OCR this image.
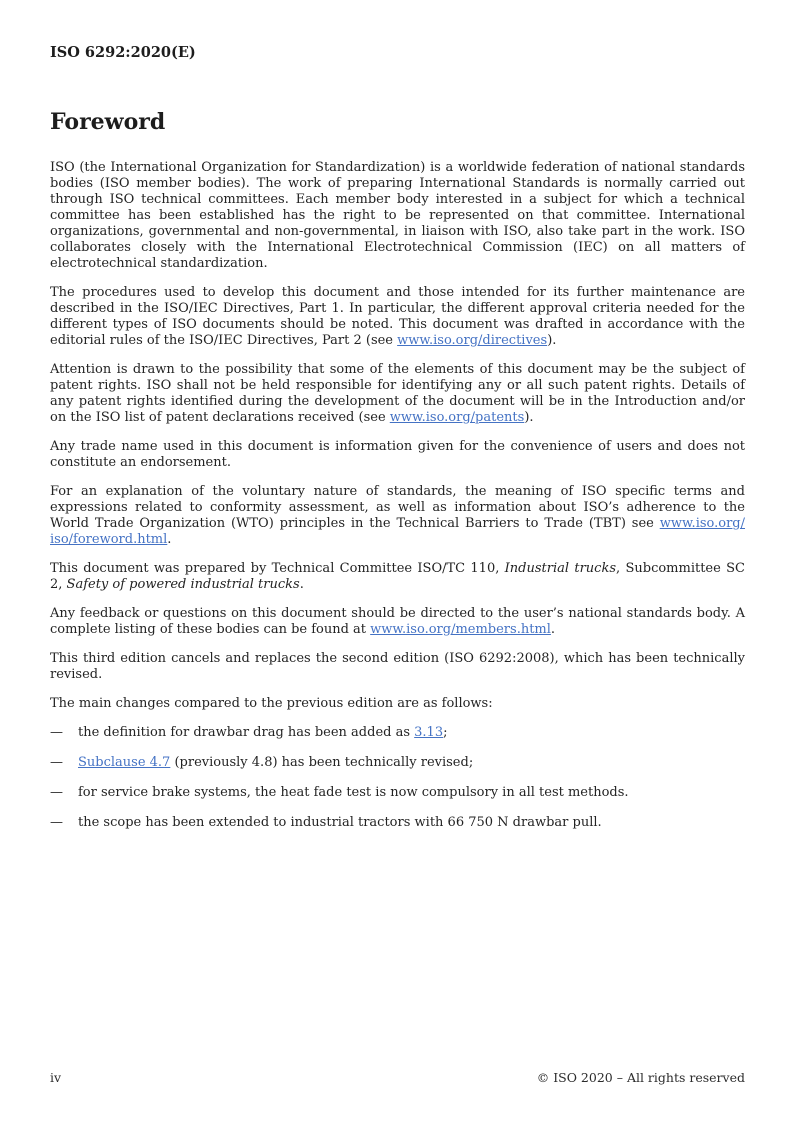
ISO 6292:2020(E)
Foreword

ISO (the International Organization for Standardization) is a worldwide federation of national standards bodies (ISO member bodies). The work of preparing International Standards is normally carried out through ISO technical committees. Each member body interested in a subject for which a technical committee has been established has the right to be represented on that committee. International organizations, governmental and non-governmental, in liaison with ISO, also take part in the work. ISO collaborates closely with the International Electrotechnical Commission (IEC) on all matters of electrotechnical standardization.

The procedures used to develop this document and those intended for its further maintenance are described in the ISO/IEC Directives, Part 1. In particular, the different approval criteria needed for the different types of ISO documents should be noted. This document was drafted in accordance with the editorial rules of the ISO/IEC Directives, Part 2 (see www.iso.org/directives).

Attention is drawn to the possibility that some of the elements of this document may be the subject of patent rights. ISO shall not be held responsible for identifying any or all such patent rights. Details of any patent rights identified during the development of the document will be in the Introduction and/or on the ISO list of patent declarations received (see www.iso.org/patents).

Any trade name used in this document is information given for the convenience of users and does not constitute an endorsement.

For an explanation of the voluntary nature of standards, the meaning of ISO specific terms and expressions related to conformity assessment, as well as information about ISO’s adherence to the World Trade Organization (WTO) principles in the Technical Barriers to Trade (TBT) see www.iso.org/iso/foreword.html.

This document was prepared by Technical Committee ISO/TC 110, Industrial trucks, Subcommittee SC 2, Safety of powered industrial trucks.

Any feedback or questions on this document should be directed to the user’s national standards body. A complete listing of these bodies can be found at www.iso.org/members.html.

This third edition cancels and replaces the second edition (ISO 6292:2008), which has been technically revised.

The main changes compared to the previous edition are as follows:

—	the definition for drawbar drag has been added as 3.13;
—	Subclause 4.7 (previously 4.8) has been technically revised;
—	for service brake systems, the heat fade test is now compulsory in all test methods.
—	the scope has been extended to industrial tractors with 66 750 N drawbar pull.
iv	© ISO 2020 – All rights reserved
